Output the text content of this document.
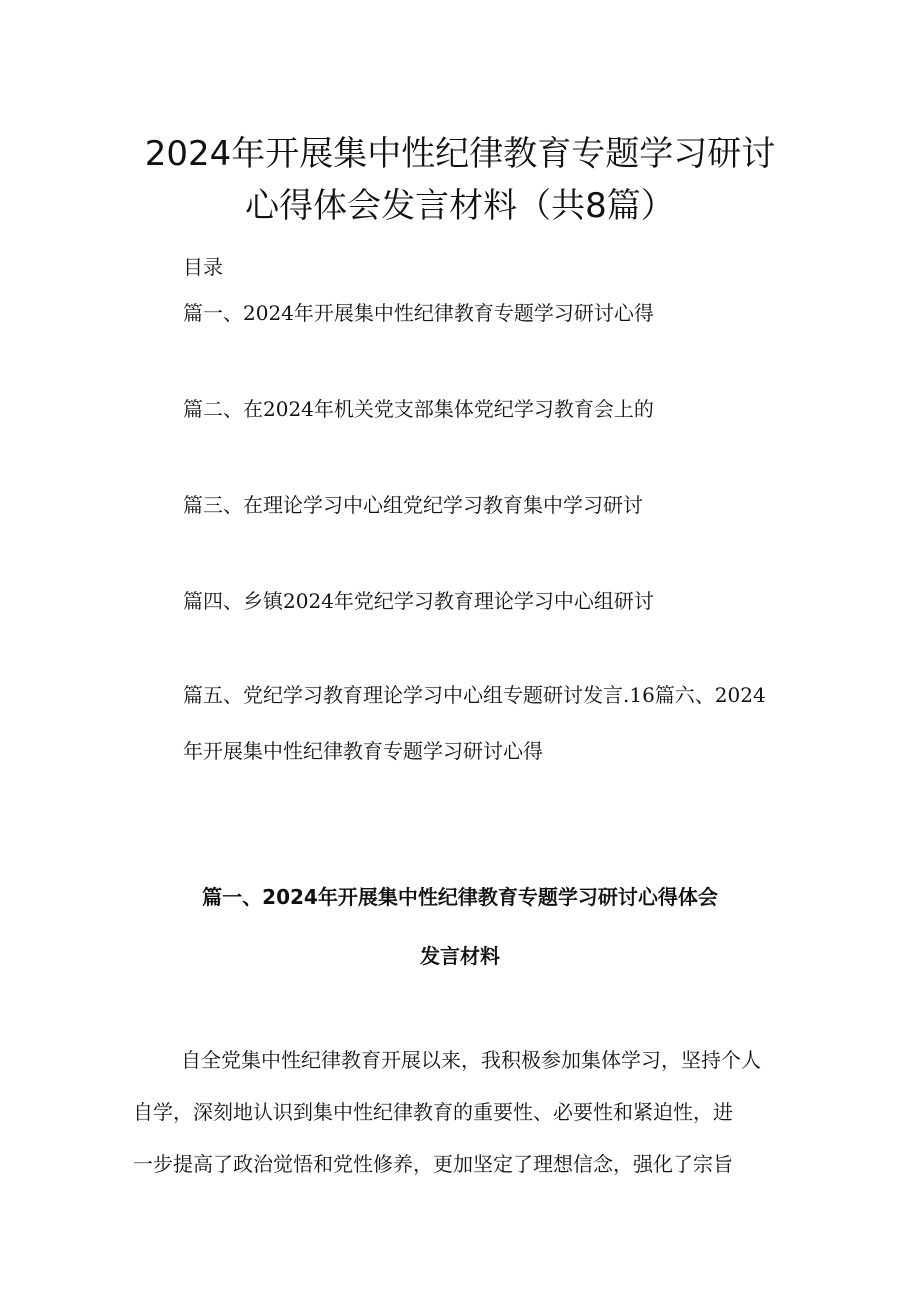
2024年开展集中性纪律教育专题学习研讨
心得体会发言材料（共8篇）

目录

篇一、2024年开展集中性纪律教育专题学习研讨心得

篇二、在2024年机关党支部集体党纪学习教育会上的

篇三、在理论学习中心组党纪学习教育集中学习研讨

篇四、乡镇2024年党纪学习教育理论学习中心组研讨

篇五、党纪学习教育理论学习中心组专题研讨发言.16篇六、2024
年开展集中性纪律教育专题学习研讨心得

篇一、2024年开展集中性纪律教育专题学习研讨心得体会
发言材料

自全党集中性纪律教育开展以来，我积极参加集体学习，坚持个人
自学，深刻地认识到集中性纪律教育的重要性、必要性和紧迫性，进
一步提高了政治觉悟和党性修养，更加坚定了理想信念，强化了宗旨
